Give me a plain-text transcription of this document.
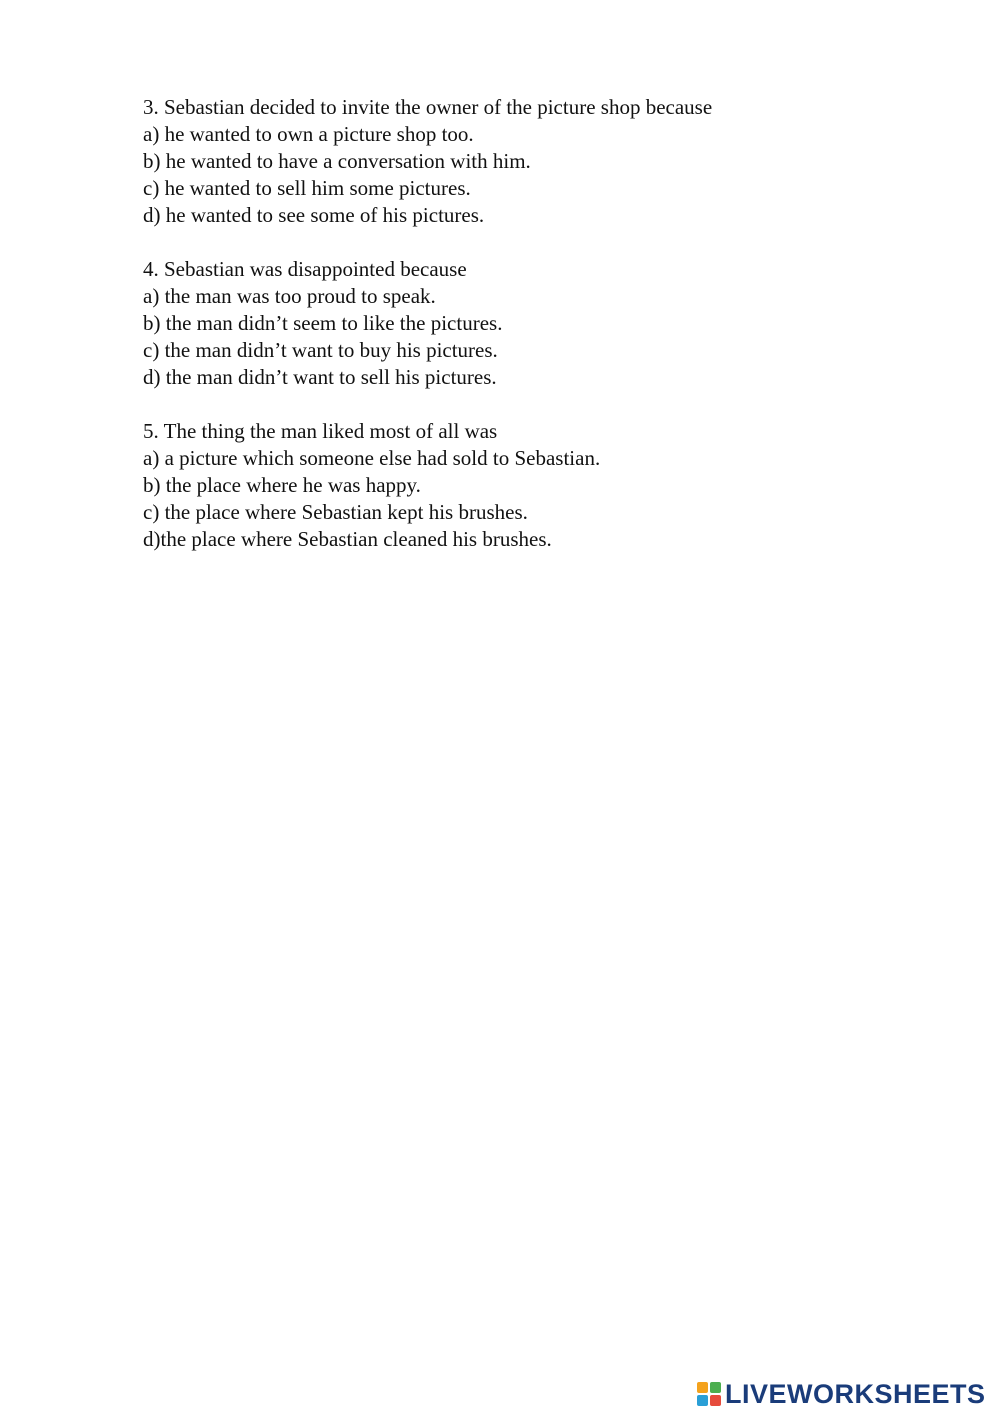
3. Sebastian decided to invite the owner of the picture shop because
a) he wanted to own a picture shop too.
b) he wanted to have a conversation with him.
c) he wanted to sell him some pictures.
d) he wanted to see some of his pictures.
4. Sebastian was disappointed because
a) the man was too proud to speak.
b) the man didn’t seem to like the pictures.
c) the man didn’t want to buy his pictures.
d) the man didn’t want to sell his pictures.
5. The thing the man liked most of all was
a) a picture which someone else had sold to Sebastian.
b) the place where he was happy.
c) the place where Sebastian kept his brushes.
d)the place where Sebastian cleaned his brushes.
LIVEWORKSHEETS
